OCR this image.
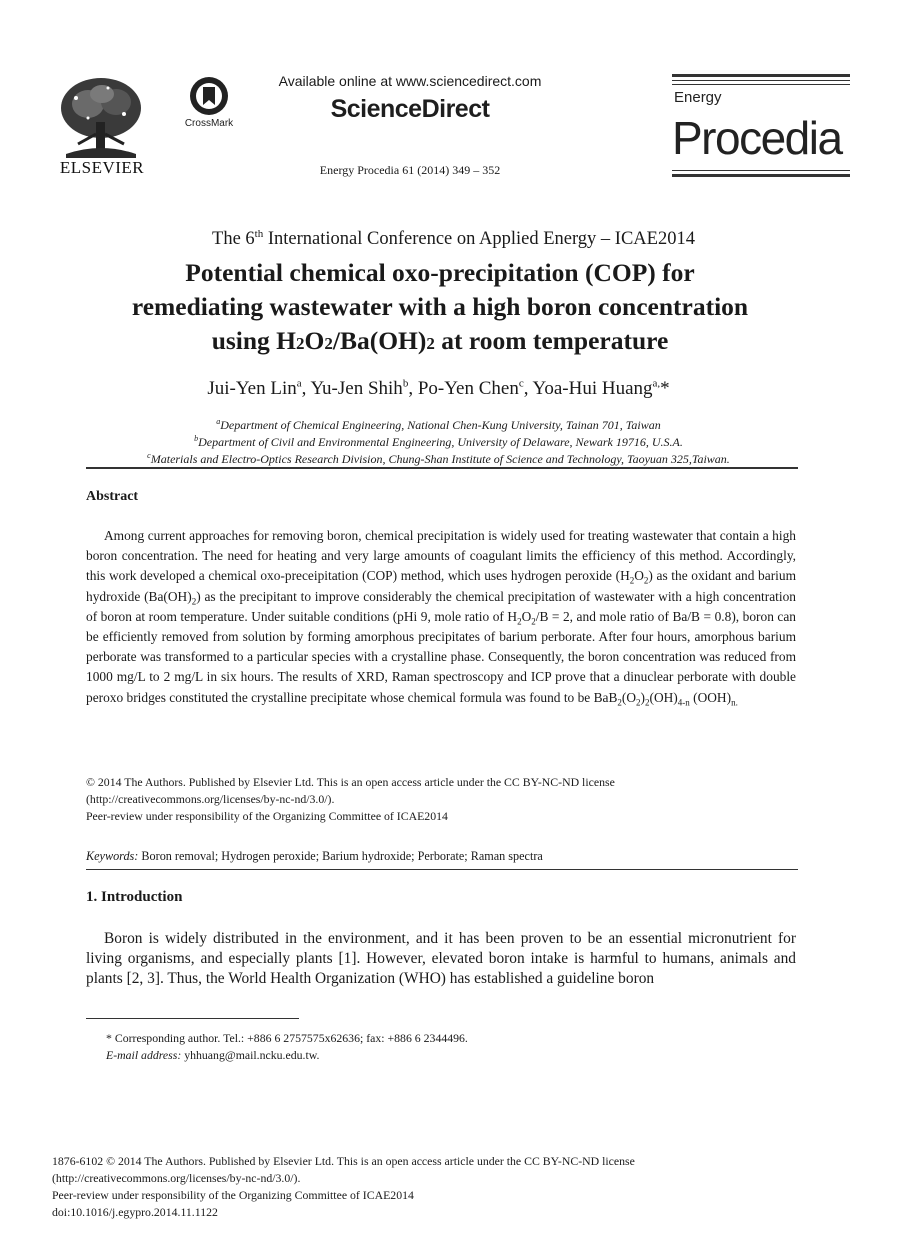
ELSEVIER
CrossMark
Available online at www.sciencedirect.com
ScienceDirect
Energy Procedia 61 (2014) 349 – 352
Energy
Procedia
The 6th International Conference on Applied Energy – ICAE2014
Potential chemical oxo-precipitation (COP) for
remediating wastewater with a high boron concentration
using H2O2/Ba(OH)2 at room temperature
Jui-Yen Lin$^a$, Yu-Jen Shih$^b$, Po-Yen Chen$^c$, Yoa-Hui Huang$^{a,}$*
$^a$Department of Chemical Engineering, National Chen-Kung University, Tainan 701, Taiwan
$^b$Department of Civil and Environmental Engineering, University of Delaware, Newark 19716, U.S.A.
$^c$Materials and Electro-Optics Research Division, Chung-Shan Institute of Science and Technology, Taoyuan 325,Taiwan.
Abstract
Among current approaches for removing boron, chemical precipitation is widely used for treating wastewater that contain a high boron concentration. The need for heating and very large amounts of coagulant limits the efficiency of this method. Accordingly, this work developed a chemical oxo-preceipitation (COP) method, which uses hydrogen peroxide $(H_2O_2)$ as the oxidant and barium hydroxide $(Ba(OH)_2)$ as the precipitant to improve considerably the chemical precipitation of wastewater with a high concentration of boron at room temperature. Under suitable conditions (pHi 9, mole ratio of $H_2O_2/B = 2$, and mole ratio of Ba/B = 0.8), boron can be efficiently removed from solution by forming amorphous precipitates of barium perborate. After four hours, amorphous barium perborate was transformed to a particular species with a crystalline phase. Consequently, the boron concentration was reduced from 1000 mg/L to 2 mg/L in six hours. The results of XRD, Raman spectroscopy and ICP prove that a dinuclear perborate with double peroxo bridges constituted the crystalline precipitate whose chemical formula was found to be $BaB_2(O_2)_2(OH)_{4-n}$ $(OOH)_{n.}$
© 2014 The Authors. Published by Elsevier Ltd. This is an open access article under the CC BY-NC-ND license
(http://creativecommons.org/licenses/by-nc-nd/3.0/).
Peer-review under responsibility of the Organizing Committee of ICAE2014
Keywords: Boron removal; Hydrogen peroxide; Barium hydroxide; Perborate; Raman spectra
1. Introduction
Boron is widely distributed in the environment, and it has been proven to be an essential micronutrient for living organisms, and especially plants [1]. However, elevated boron intake is harmful to humans, animals and plants [2, 3]. Thus, the World Health Organization (WHO) has established a guideline boron
* Corresponding author. Tel.: +886 6 2757575x62636; fax: +886 6 2344496.
E-mail address: yhhuang@mail.ncku.edu.tw.
1876-6102 © 2014 The Authors. Published by Elsevier Ltd. This is an open access article under the CC BY-NC-ND license
(http://creativecommons.org/licenses/by-nc-nd/3.0/).
Peer-review under responsibility of the Organizing Committee of ICAE2014
doi:10.1016/j.egypro.2014.11.1122
